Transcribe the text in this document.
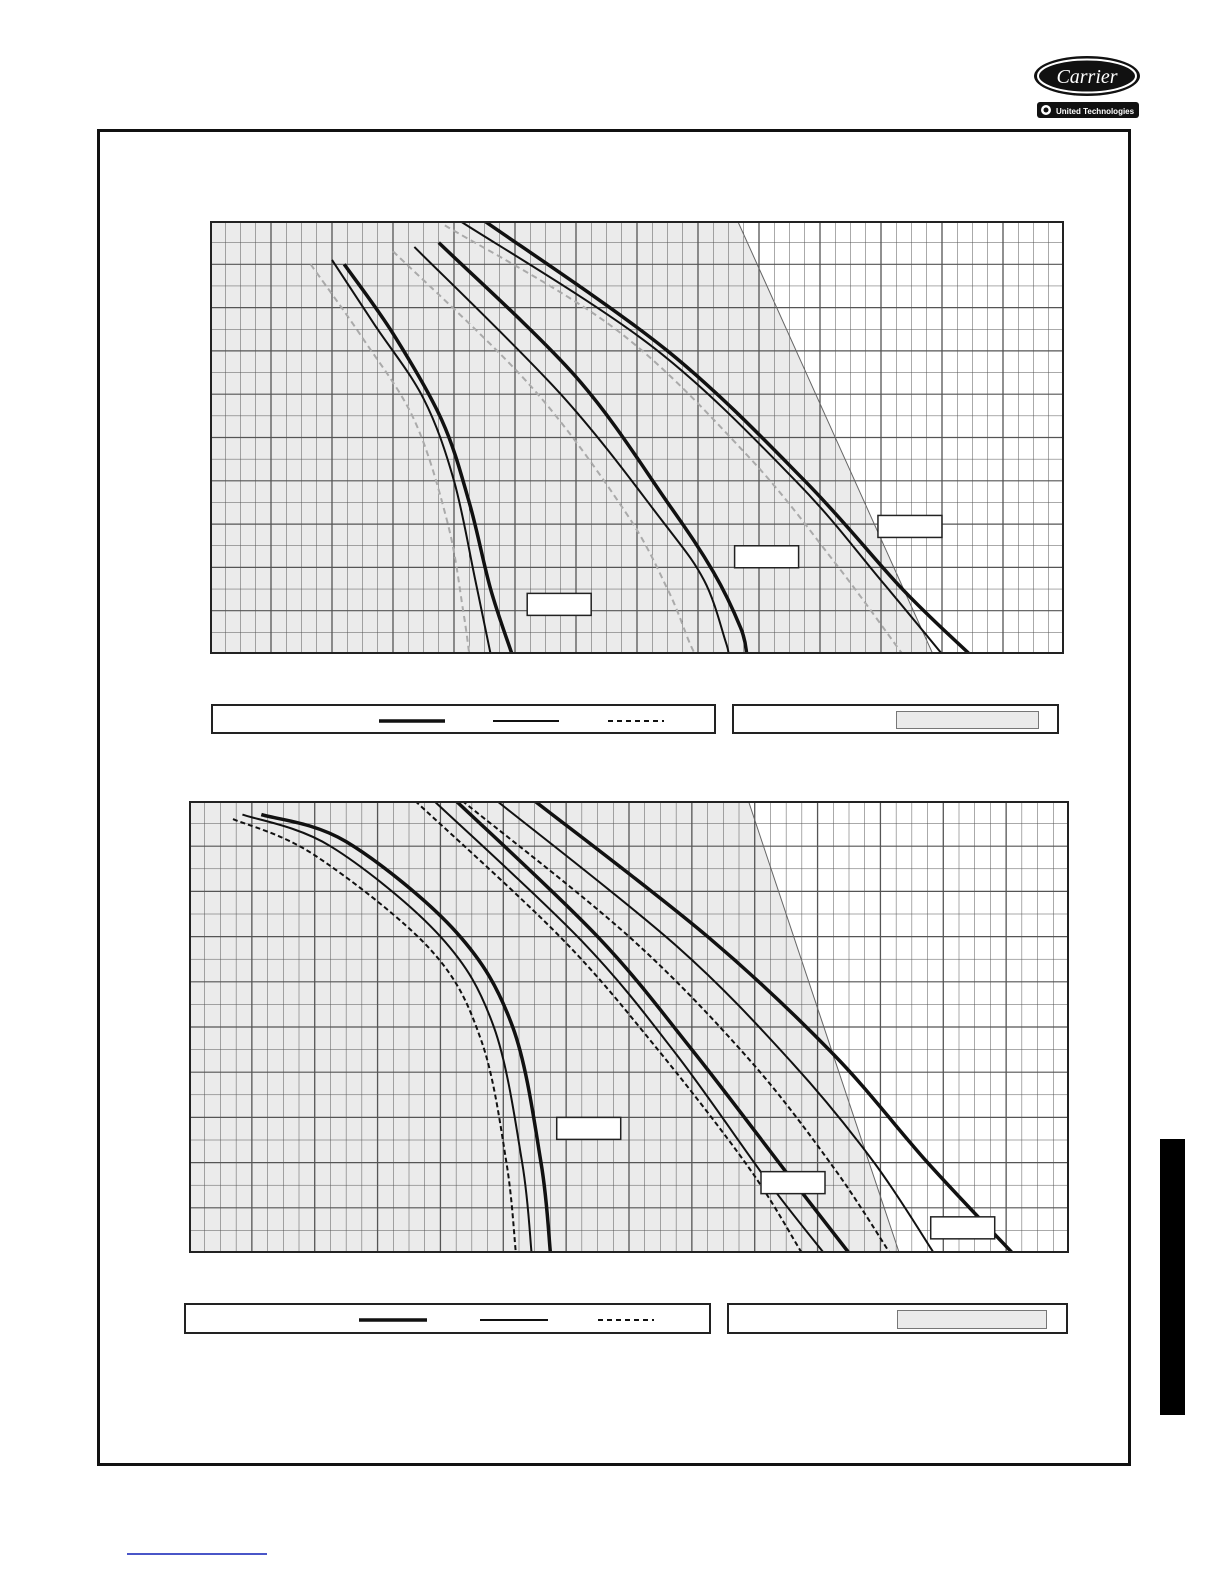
Carrier
United Technologies
